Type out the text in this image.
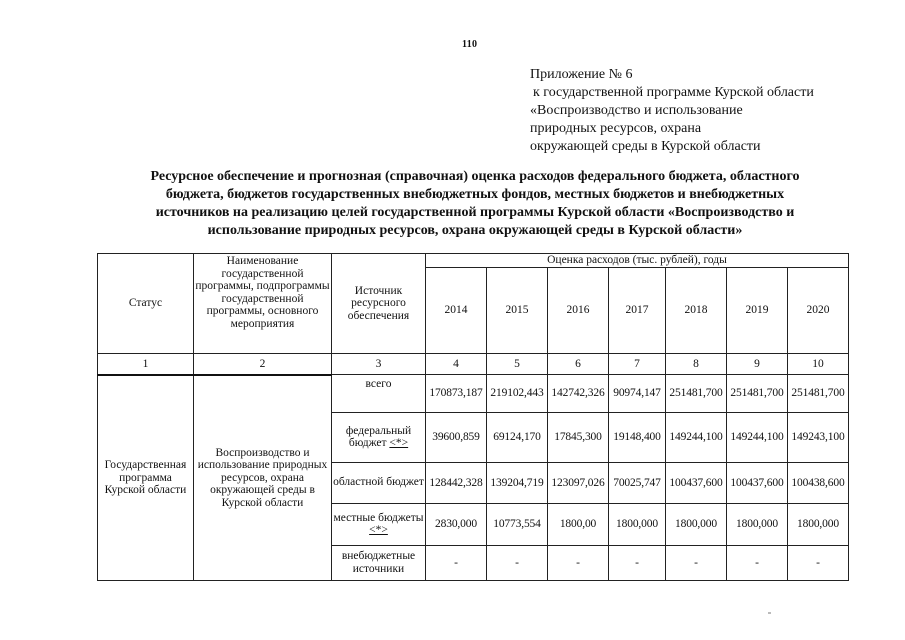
110
Приложение № 6
к государственной программе Курской области
«Воспроизводство и использование
природных ресурсов, охрана
окружающей среды в Курской области
Ресурсное обеспечение и прогнозная (справочная) оценка расходов федерального бюджета, областного
бюджета, бюджетов государственных внебюджетных фондов, местных бюджетов и внебюджетных
источников на реализацию целей государственной программы Курской области «Воспроизводство и
использование природных ресурсов, охрана окружающей среды в Курской области»
Статус	Наименование государственной программы, подпрограммы государственной программы, основного мероприятия	Источник ресурсного обеспечения	Оценка расходов (тыс. рублей), годы						
			2014	2015	2016	2017	2018	2019	2020
1	2	3	4	5	6	7	8	9	10
Государственная программа Курской области	Воспроизводство и использование природных ресурсов, охрана окружающей среды в Курской области	всего	170873,187	219102,443	142742,326	90974,147	251481,700	251481,700	251481,700
		федеральный бюджет <*>	39600,859	69124,170	17845,300	19148,400	149244,100	149244,100	149243,100
		областной бюджет	128442,328	139204,719	123097,026	70025,747	100437,600	100437,600	100438,600
		местные бюджеты <*>	2830,000	10773,554	1800,00	1800,000	1800,000	1800,000	1800,000
		внебюджетные источники	-	-	-	-	-	-	-
